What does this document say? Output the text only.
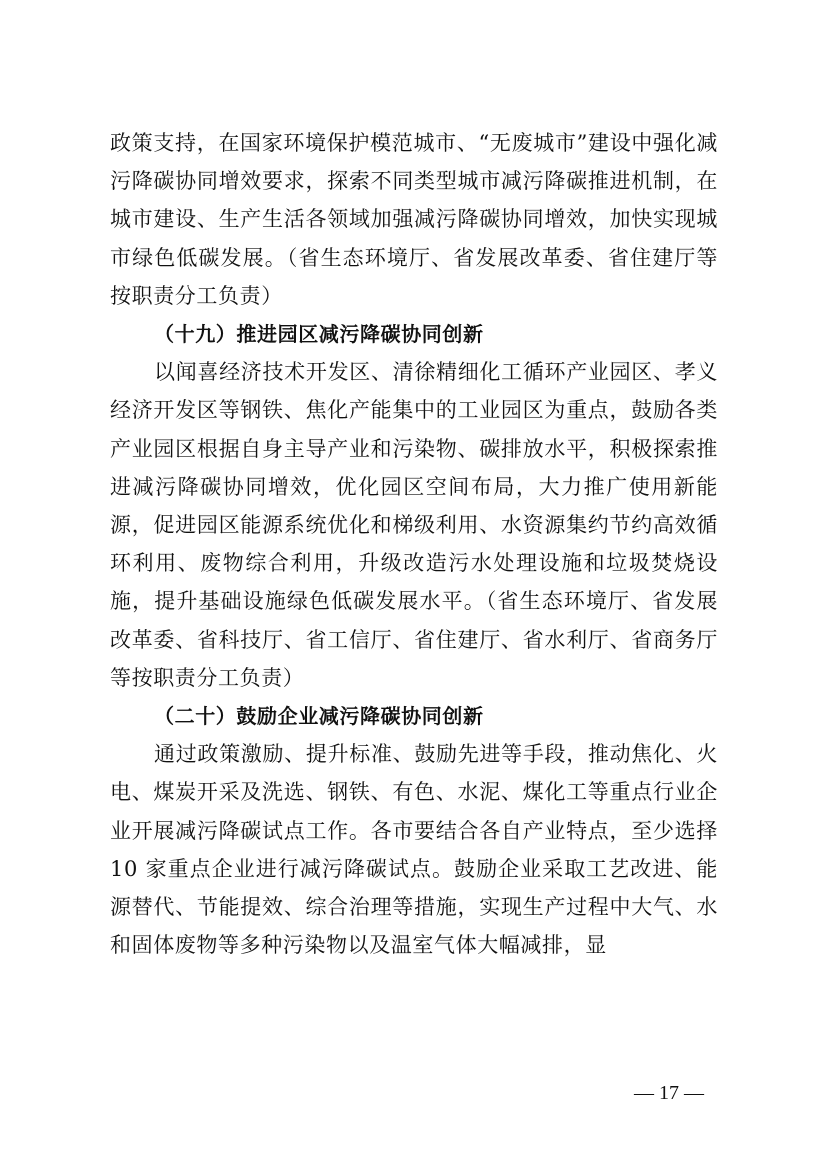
政策支持，在国家环境保护模范城市、“无废城市”建设中强化减污降碳协同增效要求，探索不同类型城市减污降碳推进机制，在城市建设、生产生活各领域加强减污降碳协同增效，加快实现城市绿色低碳发展。（省生态环境厅、省发展改革委、省住建厅等按职责分工负责）

（十九）推进园区减污降碳协同创新

以闻喜经济技术开发区、清徐精细化工循环产业园区、孝义经济开发区等钢铁、焦化产能集中的工业园区为重点，鼓励各类产业园区根据自身主导产业和污染物、碳排放水平，积极探索推进减污降碳协同增效，优化园区空间布局，大力推广使用新能源，促进园区能源系统优化和梯级利用、水资源集约节约高效循环利用、废物综合利用，升级改造污水处理设施和垃圾焚烧设施，提升基础设施绿色低碳发展水平。（省生态环境厅、省发展改革委、省科技厅、省工信厅、省住建厅、省水利厅、省商务厅等按职责分工负责）

（二十）鼓励企业减污降碳协同创新

通过政策激励、提升标准、鼓励先进等手段，推动焦化、火电、煤炭开采及洗选、钢铁、有色、水泥、煤化工等重点行业企业开展减污降碳试点工作。各市要结合各自产业特点，至少选择 10 家重点企业进行减污降碳试点。鼓励企业采取工艺改进、能源替代、节能提效、综合治理等措施，实现生产过程中大气、水和固体废物等多种污染物以及温室气体大幅减排，显

— 17 —
